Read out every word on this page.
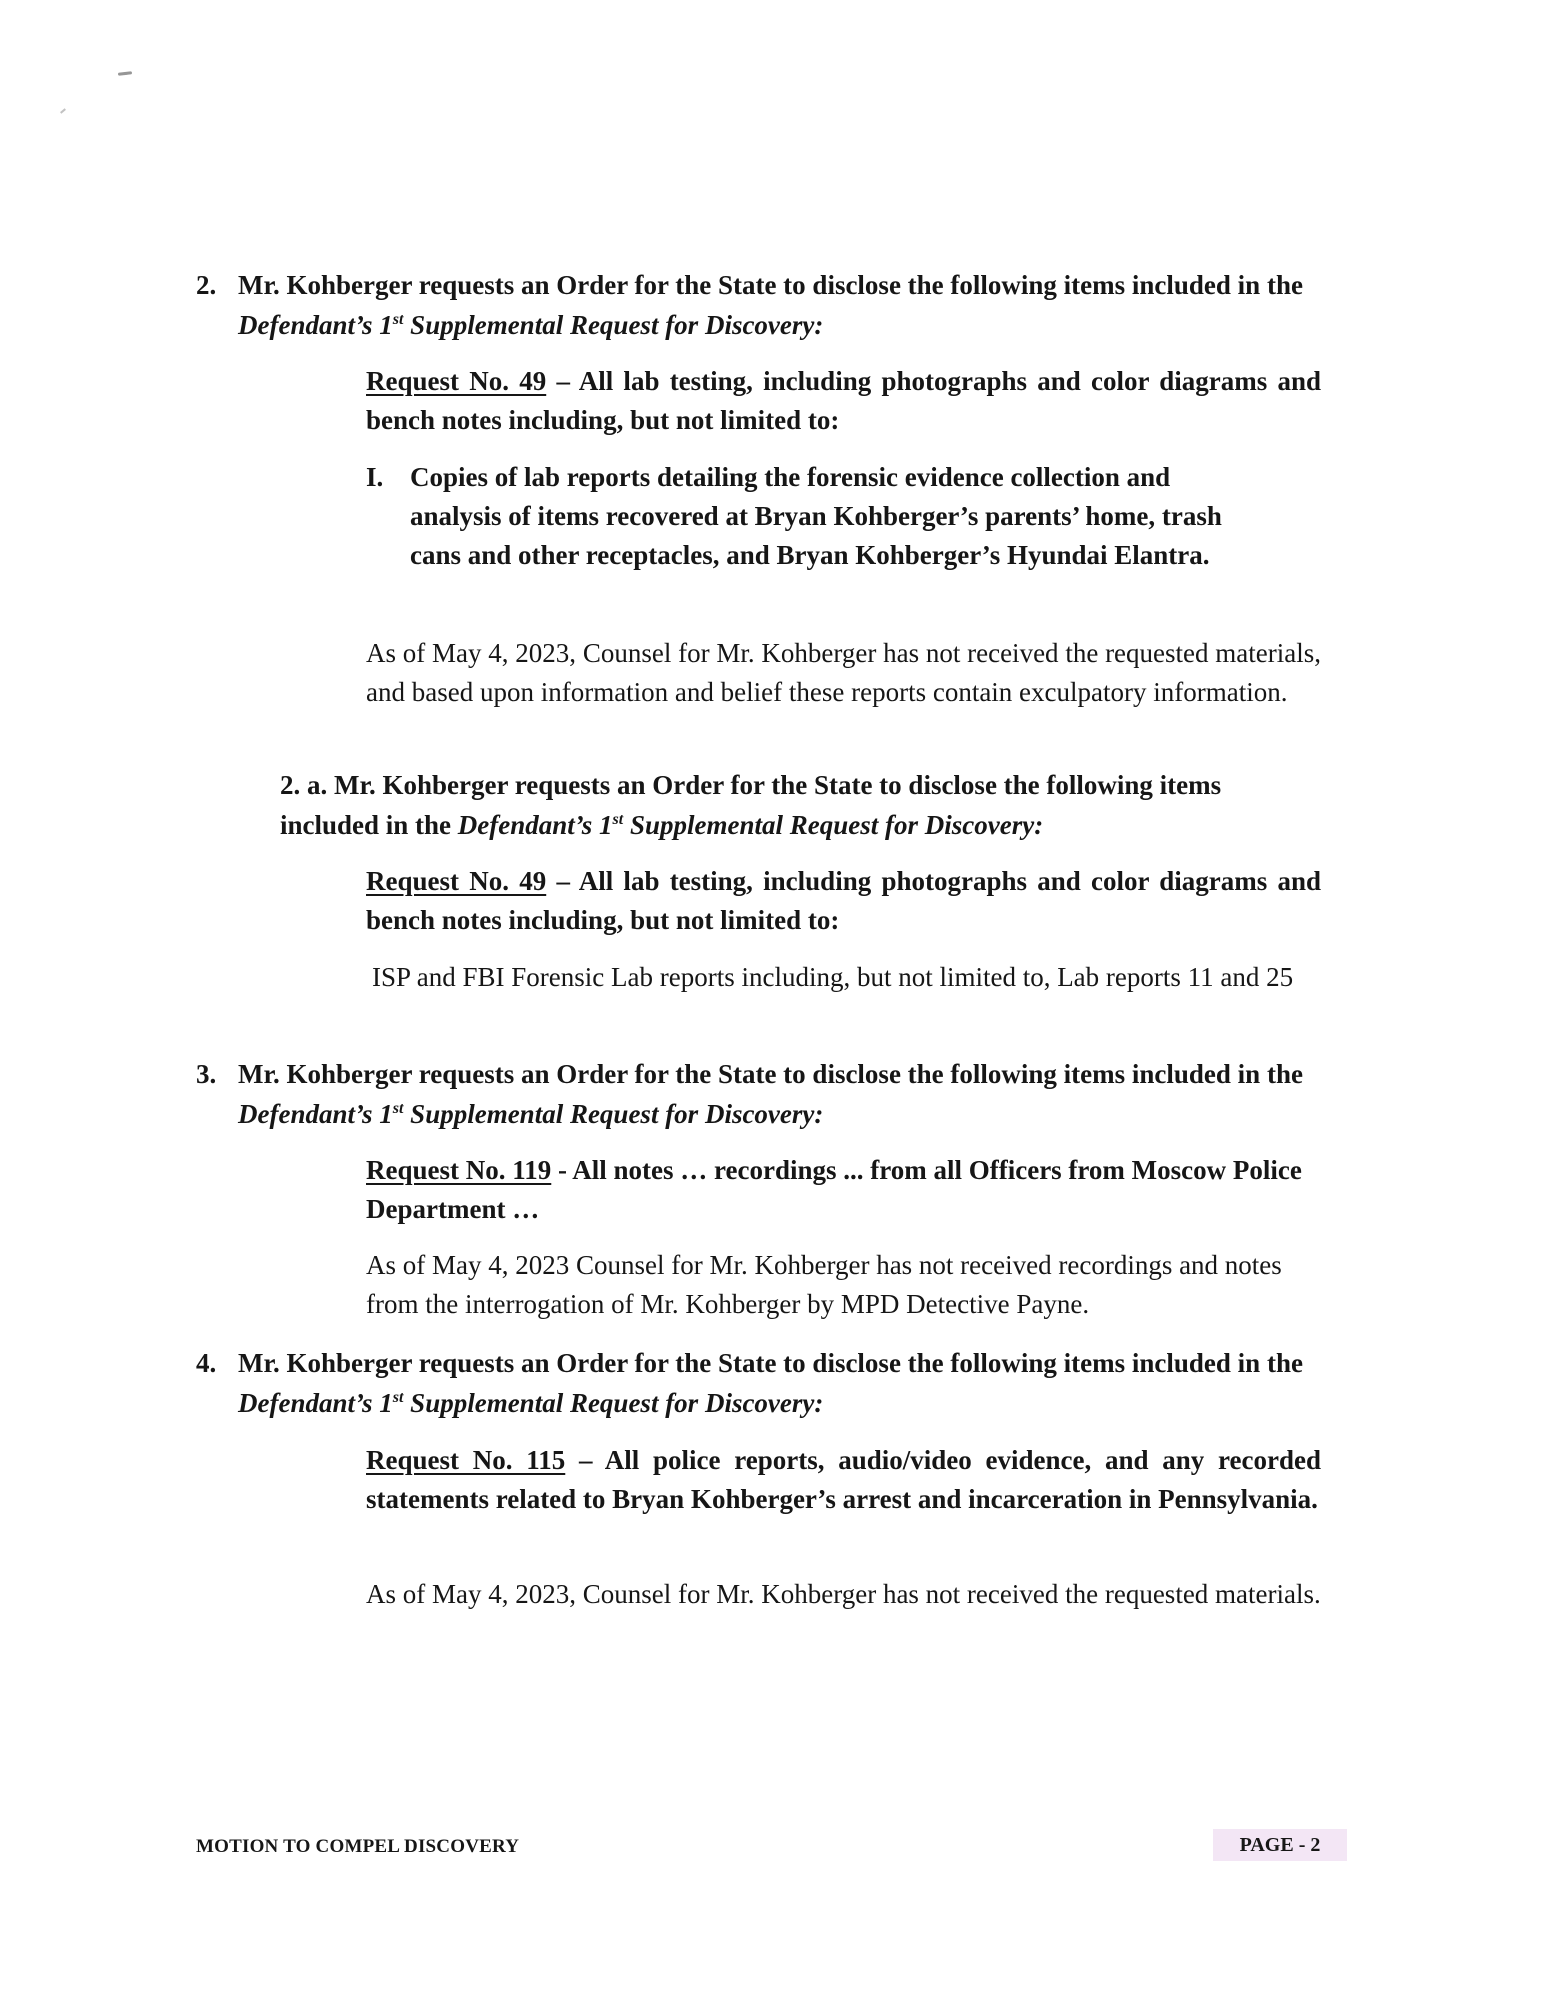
2. Mr. Kohberger requests an Order for the State to disclose the following items included in the Defendant’s 1st Supplemental Request for Discovery:
Request No. 49 – All lab testing, including photographs and color diagrams and bench notes including, but not limited to:
I. Copies of lab reports detailing the forensic evidence collection and analysis of items recovered at Bryan Kohberger’s parents’ home, trash cans and other receptacles, and Bryan Kohberger’s Hyundai Elantra.
As of May 4, 2023, Counsel for Mr. Kohberger has not received the requested materials, and based upon information and belief these reports contain exculpatory information.
2. a. Mr. Kohberger requests an Order for the State to disclose the following items included in the Defendant’s 1st Supplemental Request for Discovery:
Request No. 49 – All lab testing, including photographs and color diagrams and bench notes including, but not limited to:
ISP and FBI Forensic Lab reports including, but not limited to, Lab reports 11 and 25
3. Mr. Kohberger requests an Order for the State to disclose the following items included in the Defendant’s 1st Supplemental Request for Discovery:
Request No. 119 - All notes … recordings ... from all Officers from Moscow Police Department …
As of May 4, 2023 Counsel for Mr. Kohberger has not received recordings and notes from the interrogation of Mr. Kohberger by MPD Detective Payne.
4. Mr. Kohberger requests an Order for the State to disclose the following items included in the Defendant’s 1st Supplemental Request for Discovery:
Request No. 115 – All police reports, audio/video evidence, and any recorded statements related to Bryan Kohberger’s arrest and incarceration in Pennsylvania.
As of May 4, 2023, Counsel for Mr. Kohberger has not received the requested materials.
MOTION TO COMPEL DISCOVERY	PAGE - 2
